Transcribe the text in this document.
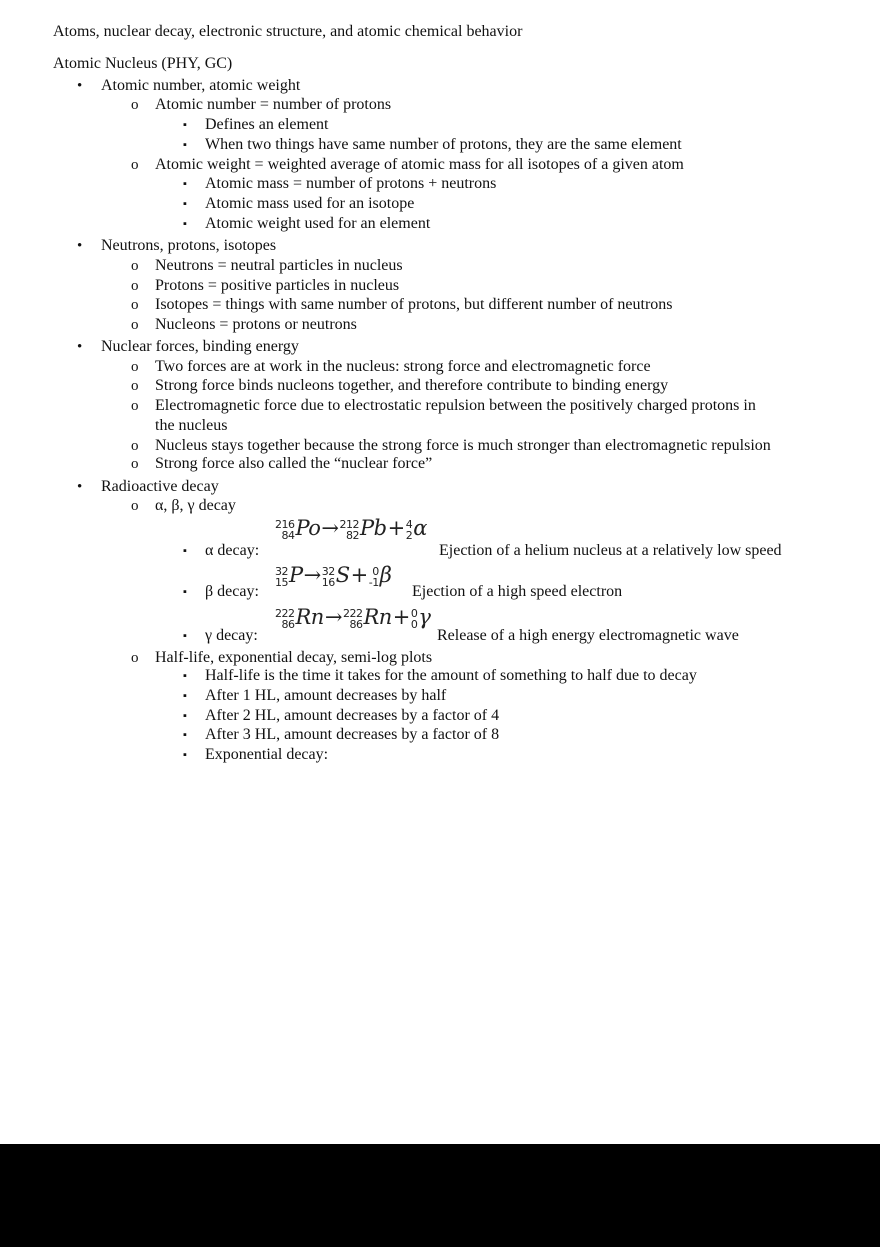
Atoms, nuclear decay, electronic structure, and atomic chemical behavior
Atomic Nucleus (PHY, GC)
• Atomic number, atomic weight
o Atomic number = number of protons
▪ Defines an element
▪ When two things have same number of protons, they are the same element
o Atomic weight = weighted average of atomic mass for all isotopes of a given atom
▪ Atomic mass = number of protons + neutrons
▪ Atomic mass used for an isotope
▪ Atomic weight used for an element
• Neutrons, protons, isotopes
o Neutrons = neutral particles in nucleus
o Protons = positive particles in nucleus
o Isotopes = things with same number of protons, but different number of neutrons
o Nucleons = protons or neutrons
• Nuclear forces, binding energy
o Two forces are at work in the nucleus: strong force and electromagnetic force
o Strong force binds nucleons together, and therefore contribute to binding energy
o Electromagnetic force due to electrostatic repulsion between the positively charged protons in
the nucleus
o Nucleus stays together because the strong force is much stronger than electromagnetic repulsion
o Strong force also called the “nuclear force”
• Radioactive decay
o α, β, γ decay
▪ α decay:
216
84 Po→ 212
82 Pb+ 4
2 α
Ejection of a helium nucleus at a relatively low speed
▪ β decay:
32
15 P→ 32
16 S+ 0
-1 β
Ejection of a high speed electron
▪ γ decay:
222
86 Rn→ 222
86 Rn+ 0
0 γ
Release of a high energy electromagnetic wave
o Half-life, exponential decay, semi-log plots
▪ Half-life is the time it takes for the amount of something to half due to decay
▪ After 1 HL, amount decreases by half
▪ After 2 HL, amount decreases by a factor of 4
▪ After 3 HL, amount decreases by a factor of 8
▪ Exponential decay:
